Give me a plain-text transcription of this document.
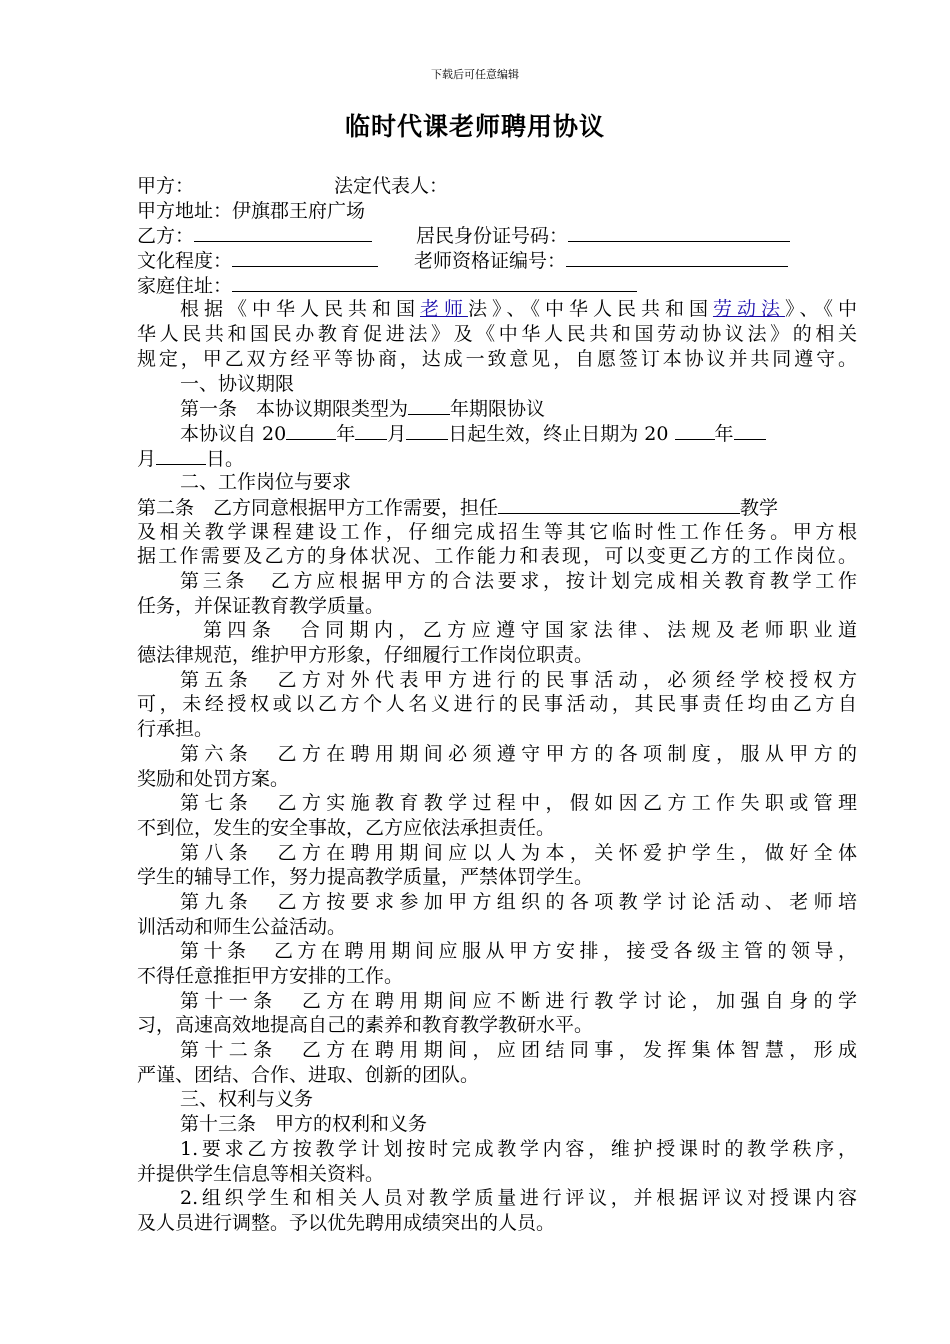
下载后可任意编辑
临时代课老师聘用协议
甲方：	法定代表人：
甲方地址：伊旗郡王府广场
乙方：	居民身份证号码：
文化程度：	老师资格证编号：
家庭住址：
根据《中华人民共和国老师法》、《中华人民共和国劳动法》、《中
华人民共和国民办教育促进法》及《中华人民共和国劳动协议法》的相关
规定，甲乙双方经平等协商，达成一致意见，自愿签订本协议并共同遵守。
一、协议期限
第一条　本协议期限类型为 年期限协议
本协议自 20	年 月 日起生效，终止日期为 20 年
月	日。
二、工作岗位与要求
第二条　乙方同意根据甲方工作需要，担任	教学
及相关教学课程建设工作，仔细完成招生等其它临时性工作任务。甲方根
据工作需要及乙方的身体状况、工作能力和表现，可以变更乙方的工作岗位。
第三条　乙方应根据甲方的合法要求，按计划完成相关教育教学工作
任务，并保证教育教学质量。
第四条　合同期内，乙方应遵守国家法律、法规及老师职业道
德法律规范，维护甲方形象，仔细履行工作岗位职责。
第五条　乙方对外代表甲方进行的民事活动，必须经学校授权方
可，未经授权或以乙方个人名义进行的民事活动，其民事责任均由乙方自
行承担。
第六条　乙方在聘用期间必须遵守甲方的各项制度，服从甲方的
奖励和处罚方案。
第七条　乙方实施教育教学过程中，假如因乙方工作失职或管理
不到位，发生的安全事故，乙方应依法承担责任。
第八条　乙方在聘用期间应以人为本，关怀爱护学生，做好全体
学生的辅导工作，努力提高教学质量，严禁体罚学生。
第九条　乙方按要求参加甲方组织的各项教学讨论活动、老师培
训活动和师生公益活动。
第十条　乙方在聘用期间应服从甲方安排，接受各级主管的领导，
不得任意推拒甲方安排的工作。
第十一条　乙方在聘用期间应不断进行教学讨论，加强自身的学
习，高速高效地提高自己的素养和教育教学教研水平。
第十二条　乙方在聘用期间，应团结同事，发挥集体智慧，形成
严谨、团结、合作、进取、创新的团队。
三、权利与义务
第十三条　甲方的权利和义务
1.要求乙方按教学计划按时完成教学内容，维护授课时的教学秩序，
并提供学生信息等相关资料。
2.组织学生和相关人员对教学质量进行评议，并根据评议对授课内容
及人员进行调整。予以优先聘用成绩突出的人员。
